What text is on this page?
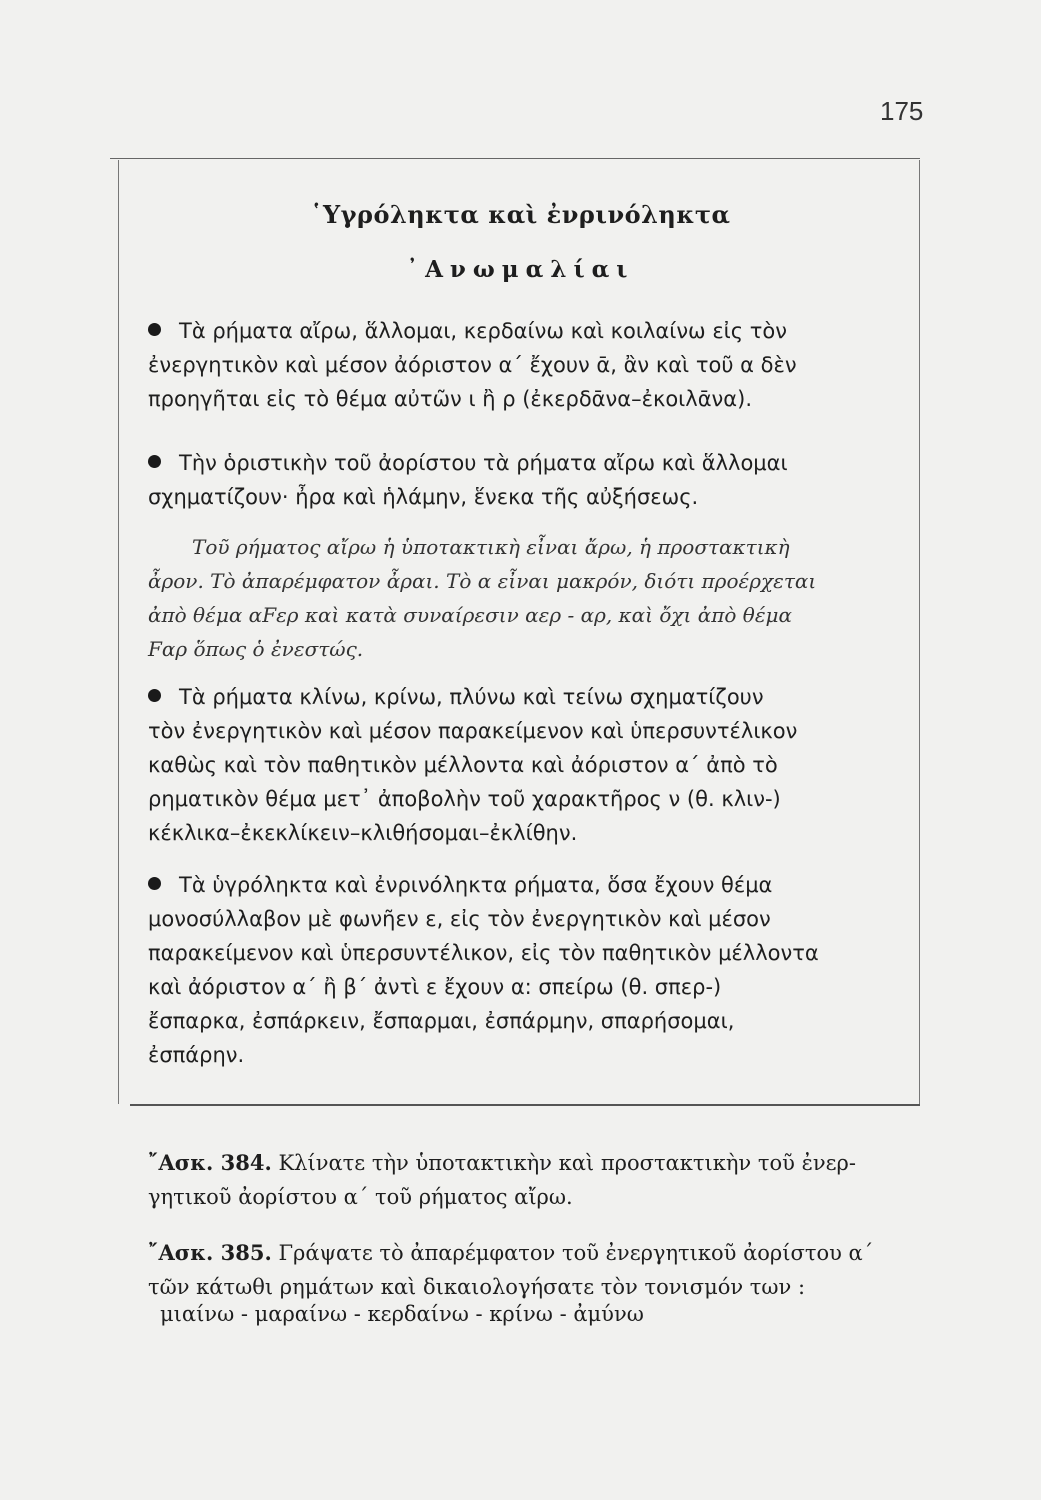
175
῾Υγρόληκτα καὶ ἐνρινόληκτα
᾿Ανωμαλίαι
Τὰ ρήματα αἴρω, ἅλλομαι, κερδαίνω καὶ κοιλαίνω εἰς τὸν
ἐνεργητικὸν καὶ μέσον ἀόριστον α΄ ἔχουν ᾱ, ἂν καὶ τοῦ α δὲν
προηγῆται εἰς τὸ θέμα αὐτῶν ι ἢ ρ (ἐκερδᾱνα–ἐκοιλᾱνα).
Τὴν ὁριστικὴν τοῦ ἀορίστου τὰ ρήματα αἴρω καὶ ἅλλομαι
σχηματίζουν· ἦρα καὶ ἡλάμην, ἕνεκα τῆς αὐξήσεως.
Τοῦ ρήματος αἴρω ἡ ὑποτακτικὴ εἶναι ἄρω, ἡ προστακτικὴ
ἆρον. Τὸ ἀπαρέμφατον ἆραι. Τὸ α εἶναι μακρόν, διότι προέρχεται
ἀπὸ θέμα αFερ καὶ κατὰ συναίρεσιν αερ - αρ, καὶ ὄχι ἀπὸ θέμα
Fαρ ὅπως ὁ ἐνεστώς.
Τὰ ρήματα κλίνω, κρίνω, πλύνω καὶ τείνω σχηματίζουν
τὸν ἐνεργητικὸν καὶ μέσον παρακείμενον καὶ ὑπερσυντέλικον
καθὼς καὶ τὸν παθητικὸν μέλλοντα καὶ ἀόριστον α΄ ἀπὸ τὸ
ρηματικὸν θέμα μετ᾿ ἀποβολὴν τοῦ χαρακτῆρος ν (θ. κλιν-)
κέκλικα–ἐκεκλίκειν–κλιθήσομαι–ἐκλίθην.
Τὰ ὑγρόληκτα καὶ ἐνρινόληκτα ρήματα, ὅσα ἔχουν θέμα
μονοσύλλαβον μὲ φωνῆεν ε, εἰς τὸν ἐνεργητικὸν καὶ μέσον
παρακείμενον καὶ ὑπερσυντέλικον, εἰς τὸν παθητικὸν μέλλοντα
καὶ ἀόριστον α΄ ἢ β΄ ἀντὶ ε ἔχουν α: σπείρω (θ. σπερ-)
ἔσπαρκα, ἐσπάρκειν, ἔσπαρμαι, ἐσπάρμην, σπαρήσομαι,
ἐσπάρην.
῎Ασκ. 384. Κλίνατε τὴν ὑποτακτικὴν καὶ προστακτικὴν τοῦ ἐνερ-
γητικοῦ ἀορίστου α΄ τοῦ ρήματος αἴρω.
῎Ασκ. 385. Γράψατε τὸ ἀπαρέμφατον τοῦ ἐνεργητικοῦ ἀορίστου α΄
τῶν κάτωθι ρημάτων καὶ δικαιολογήσατε τὸν τονισμόν των :
μιαίνω - μαραίνω - κερδαίνω - κρίνω - ἀμύνω
